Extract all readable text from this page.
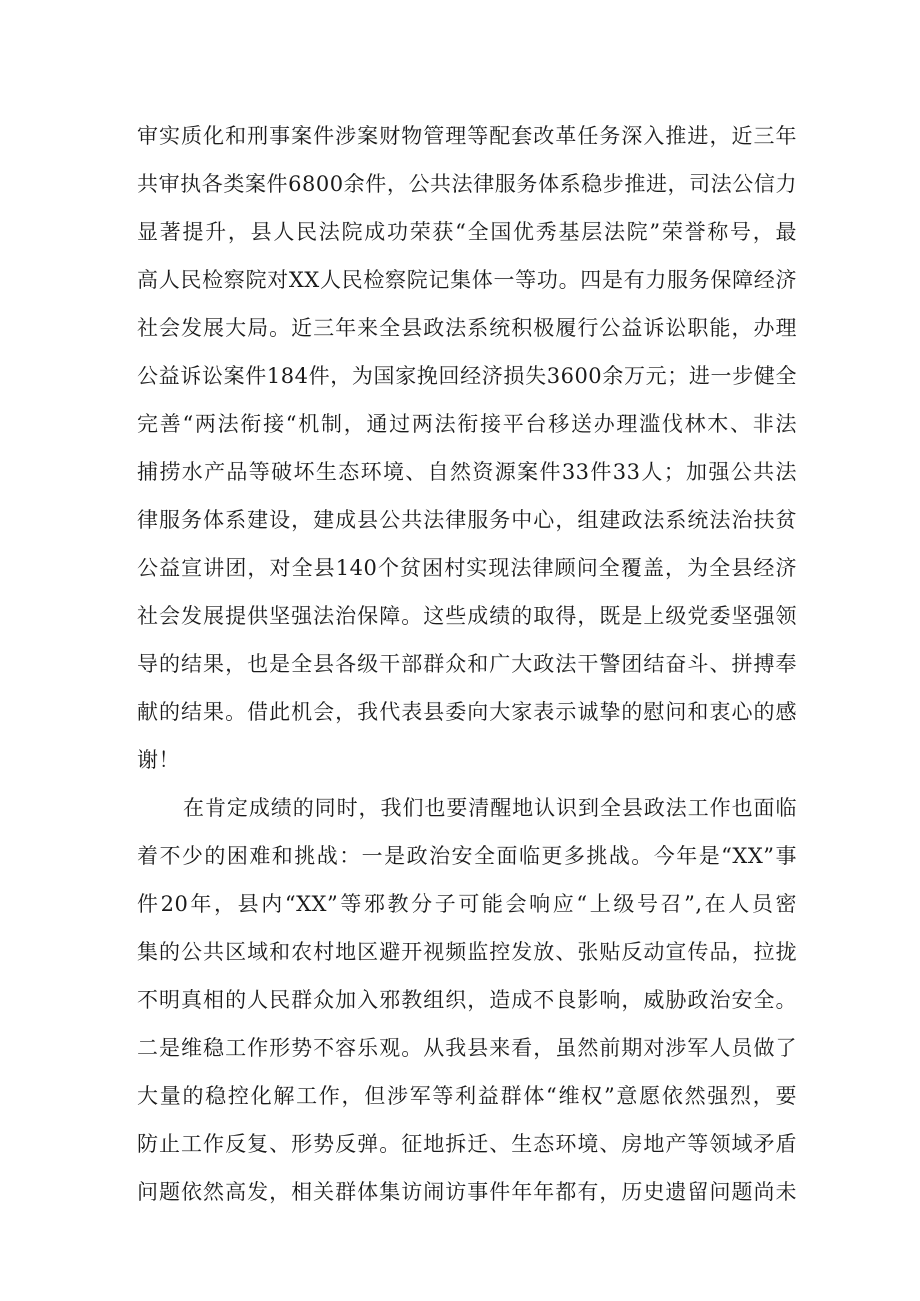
审实质化和刑事案件涉案财物管理等配套改革任务深入推进，近三年
共审执各类案件6800余件，公共法律服务体系稳步推进，司法公信力
显著提升，县人民法院成功荣获“全国优秀基层法院”荣誉称号，最
高人民检察院对XX人民检察院记集体一等功。四是有力服务保障经济
社会发展大局。近三年来全县政法系统积极履行公益诉讼职能，办理
公益诉讼案件184件，为国家挽回经济损失3600余万元；进一步健全
完善“两法衔接“机制，通过两法衔接平台移送办理滥伐林木、非法
捕捞水产品等破坏生态环境、自然资源案件33件33人；加强公共法
律服务体系建设，建成县公共法律服务中心，组建政法系统法治扶贫
公益宣讲团，对全县140个贫困村实现法律顾问全覆盖，为全县经济
社会发展提供坚强法治保障。这些成绩的取得，既是上级党委坚强领
导的结果，也是全县各级干部群众和广大政法干警团结奋斗、拼搏奉
献的结果。借此机会，我代表县委向大家表示诚挚的慰问和衷心的感
谢！
在肯定成绩的同时，我们也要清醒地认识到全县政法工作也面临
着不少的困难和挑战：一是政治安全面临更多挑战。今年是“XX”事
件20年，县内“XX”等邪教分子可能会响应“上级号召”,在人员密
集的公共区域和农村地区避开视频监控发放、张贴反动宣传品，拉拢
不明真相的人民群众加入邪教组织，造成不良影响，威胁政治安全。
二是维稳工作形势不容乐观。从我县来看，虽然前期对涉军人员做了
大量的稳控化解工作，但涉军等利益群体“维权”意愿依然强烈，要
防止工作反复、形势反弹。征地拆迁、生态环境、房地产等领域矛盾
问题依然高发，相关群体集访闹访事件年年都有，历史遗留问题尚未
